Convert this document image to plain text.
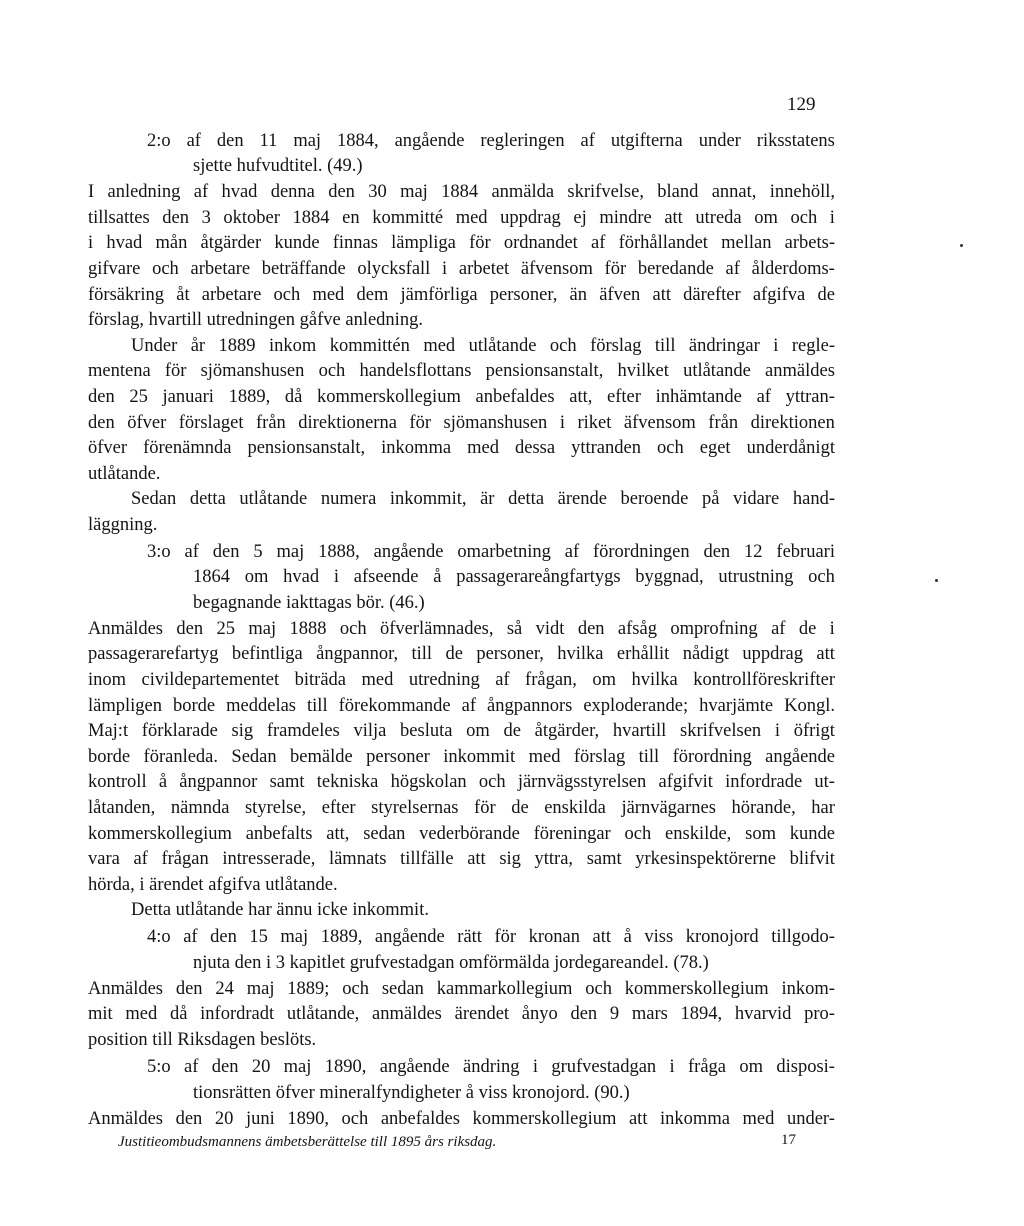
129
2:o af den 11 maj 1884, angående regleringen af utgifterna under riksstatens
sjette hufvudtitel. (49.)
I anledning af hvad denna den 30 maj 1884 anmälda skrifvelse, bland annat, innehöll,
tillsattes den 3 oktober 1884 en kommitté med uppdrag ej mindre att utreda om och i
i hvad mån åtgärder kunde finnas lämpliga för ordnandet af förhållandet mellan arbets-
gifvare och arbetare beträffande olycksfall i arbetet äfvensom för beredande af ålderdoms-
försäkring åt arbetare och med dem jämförliga personer, än äfven att därefter afgifva de
förslag, hvartill utredningen gåfve anledning.
Under år 1889 inkom kommittén med utlåtande och förslag till ändringar i regle-
mentena för sjömanshusen och handelsflottans pensionsanstalt, hvilket utlåtande anmäldes
den 25 januari 1889, då kommerskollegium anbefaldes att, efter inhämtande af yttran-
den öfver förslaget från direktionerna för sjömanshusen i riket äfvensom från direktionen
öfver förenämnda pensionsanstalt, inkomma med dessa yttranden och eget underdånigt
utlåtande.
Sedan detta utlåtande numera inkommit, är detta ärende beroende på vidare hand-
läggning.
3:o af den 5 maj 1888, angående omarbetning af förordningen den 12 februari
1864 om hvad i afseende å passagerareångfartygs byggnad, utrustning och
begagnande iakttagas bör. (46.)
Anmäldes den 25 maj 1888 och öfverlämnades, så vidt den afsåg omprofning af de i
passagerarefartyg befintliga ångpannor, till de personer, hvilka erhållit nådigt uppdrag att
inom civildepartementet biträda med utredning af frågan, om hvilka kontrollföreskrifter
lämpligen borde meddelas till förekommande af ångpannors exploderande; hvarjämte Kongl.
Maj:t förklarade sig framdeles vilja besluta om de åtgärder, hvartill skrifvelsen i öfrigt
borde föranleda. Sedan bemälde personer inkommit med förslag till förordning angående
kontroll å ångpannor samt tekniska högskolan och järnvägsstyrelsen afgifvit infordrade ut-
låtanden, nämnda styrelse, efter styrelsernas för de enskilda järnvägarnes hörande, har
kommerskollegium anbefalts att, sedan vederbörande föreningar och enskilde, som kunde
vara af frågan intresserade, lämnats tillfälle att sig yttra, samt yrkesinspektörerne blifvit
hörda, i ärendet afgifva utlåtande.
Detta utlåtande har ännu icke inkommit.
4:o af den 15 maj 1889, angående rätt för kronan att å viss kronojord tillgodo-
njuta den i 3 kapitlet grufvestadgan omförmälda jordegareandel. (78.)
Anmäldes den 24 maj 1889; och sedan kammarkollegium och kommerskollegium inkom-
mit med då infordradt utlåtande, anmäldes ärendet ånyo den 9 mars 1894, hvarvid pro-
position till Riksdagen beslöts.
5:o af den 20 maj 1890, angående ändring i grufvestadgan i fråga om disposi-
tionsrätten öfver mineralfyndigheter å viss kronojord. (90.)
Anmäldes den 20 juni 1890, och anbefaldes kommerskollegium att inkomma med under-
Justitieombudsmannens ämbetsberättelse till 1895 års riksdag.	17
